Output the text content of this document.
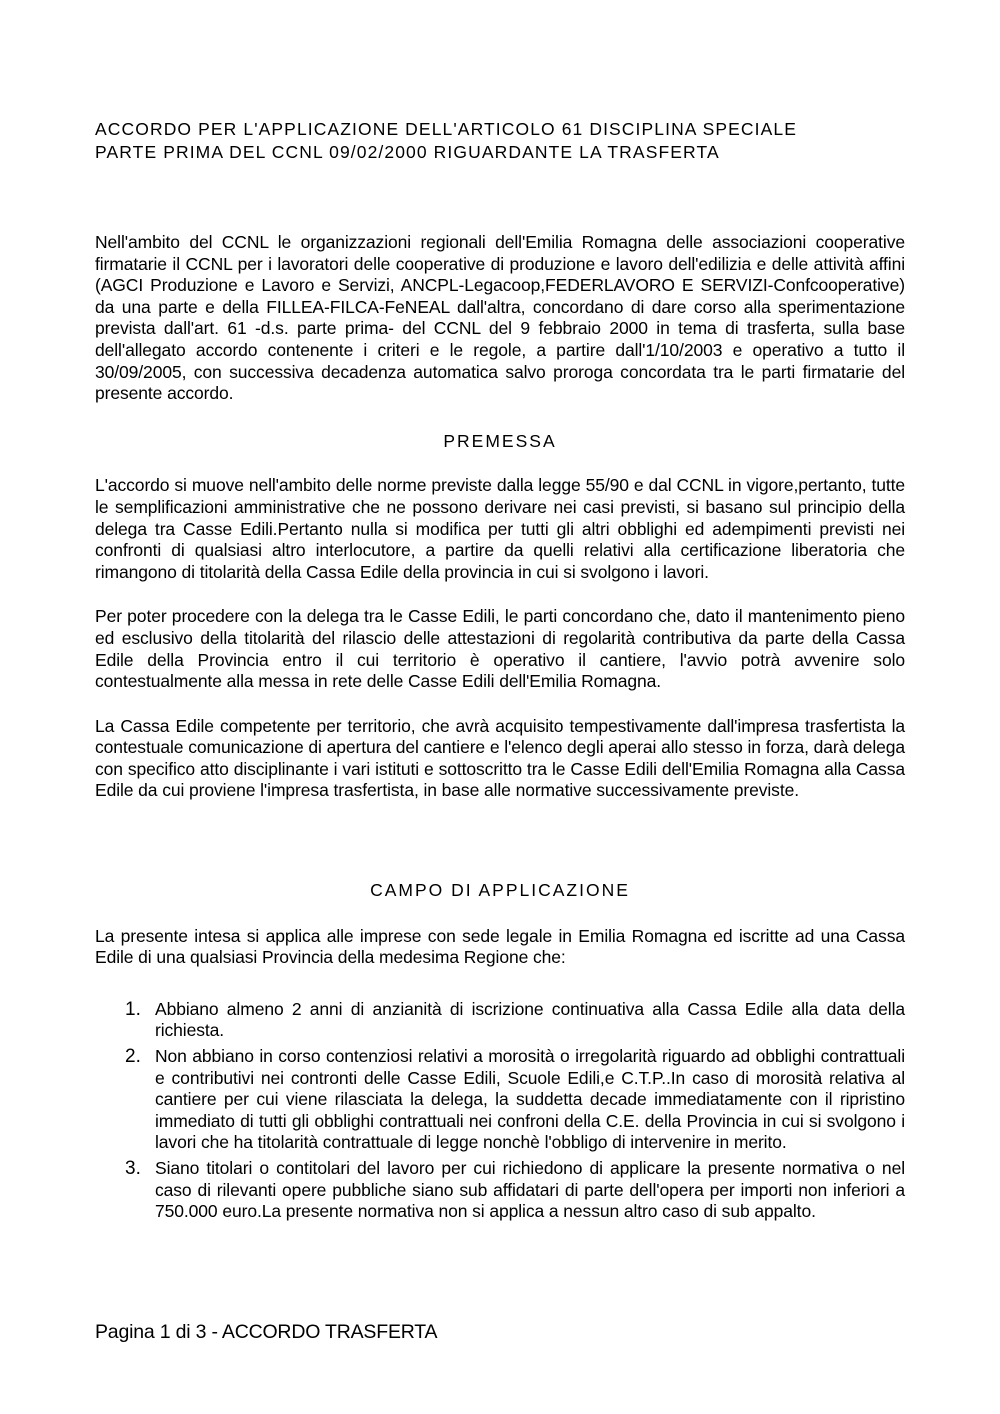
ACCORDO PER L'APPLICAZIONE DELL'ARTICOLO 61 DISCIPLINA SPECIALE
PARTE PRIMA DEL CCNL 09/02/2000 RIGUARDANTE LA TRASFERTA

Nell'ambito del CCNL le organizzazioni regionali dell'Emilia Romagna delle associazioni cooperative firmatarie il CCNL per i lavoratori delle cooperative di produzione e lavoro dell'edilizia e delle attività affini (AGCI Produzione e Lavoro e Servizi, ANCPL-Legacoop,FEDERLAVORO E SERVIZI-Confcooperative) da una parte e della FILLEA-FILCA-FeNEAL dall'altra, concordano di dare corso alla sperimentazione prevista dall'art. 61 -d.s. parte prima- del CCNL del 9 febbraio 2000 in tema di trasferta, sulla base dell'allegato accordo contenente i criteri e le regole, a partire dall'1/10/2003 e operativo a tutto il 30/09/2005, con successiva decadenza automatica salvo proroga concordata tra le parti firmatarie del presente accordo.

PREMESSA

L'accordo si muove nell'ambito delle norme previste dalla legge 55/90 e dal CCNL in vigore,pertanto, tutte le semplificazioni amministrative che ne possono derivare nei casi previsti, si basano sul principio della delega tra Casse Edili.Pertanto nulla si modifica per tutti gli altri obblighi ed adempimenti previsti nei confronti di qualsiasi altro interlocutore, a partire da quelli relativi alla certificazione liberatoria che rimangono di titolarità della Cassa Edile della provincia in cui si svolgono i lavori.

Per poter procedere con la delega tra le Casse Edili, le parti concordano che, dato il mantenimento pieno ed esclusivo della titolarità del rilascio delle attestazioni di regolarità contributiva da parte della Cassa Edile della Provincia entro il cui territorio è operativo il cantiere, l'avvio potrà avvenire solo contestualmente alla messa in rete delle Casse Edili dell'Emilia Romagna.

La Cassa Edile competente per territorio, che avrà acquisito tempestivamente dall'impresa trasfertista la contestuale comunicazione di apertura del cantiere e l'elenco degli aperai allo stesso in forza, darà delega con specifico atto disciplinante i vari istituti e sottoscritto tra le Casse Edili dell'Emilia Romagna alla Cassa Edile da cui proviene l'impresa trasfertista, in base alle normative successivamente previste.

CAMPO DI APPLICAZIONE

La presente intesa si applica alle imprese con sede legale in Emilia Romagna ed iscritte ad una Cassa Edile di una qualsiasi Provincia della medesima Regione che:

1. Abbiano almeno 2 anni di anzianità di iscrizione continuativa alla Cassa Edile alla data della richiesta.
2. Non abbiano in corso contenziosi relativi a morosità o irregolarità riguardo ad obblighi contrattuali e contributivi nei contronti delle Casse Edili, Scuole Edili,e C.T.P..In caso di morosità relativa al cantiere per cui viene rilasciata la delega, la suddetta decade immediatamente con il ripristino immediato di tutti gli obblighi contrattuali nei confroni della C.E. della Provincia in cui si svolgono i lavori che ha titolarità contrattuale di legge nonchè l'obbligo di intervenire in merito.
3. Siano titolari o contitolari del lavoro per cui richiedono di applicare la presente normativa o nel caso di rilevanti opere pubbliche siano sub affidatari di parte dell'opera per importi non inferiori a 750.000 euro.La presente normativa non si applica a nessun altro caso di sub appalto.
Pagina 1 di 3 - ACCORDO TRASFERTA
